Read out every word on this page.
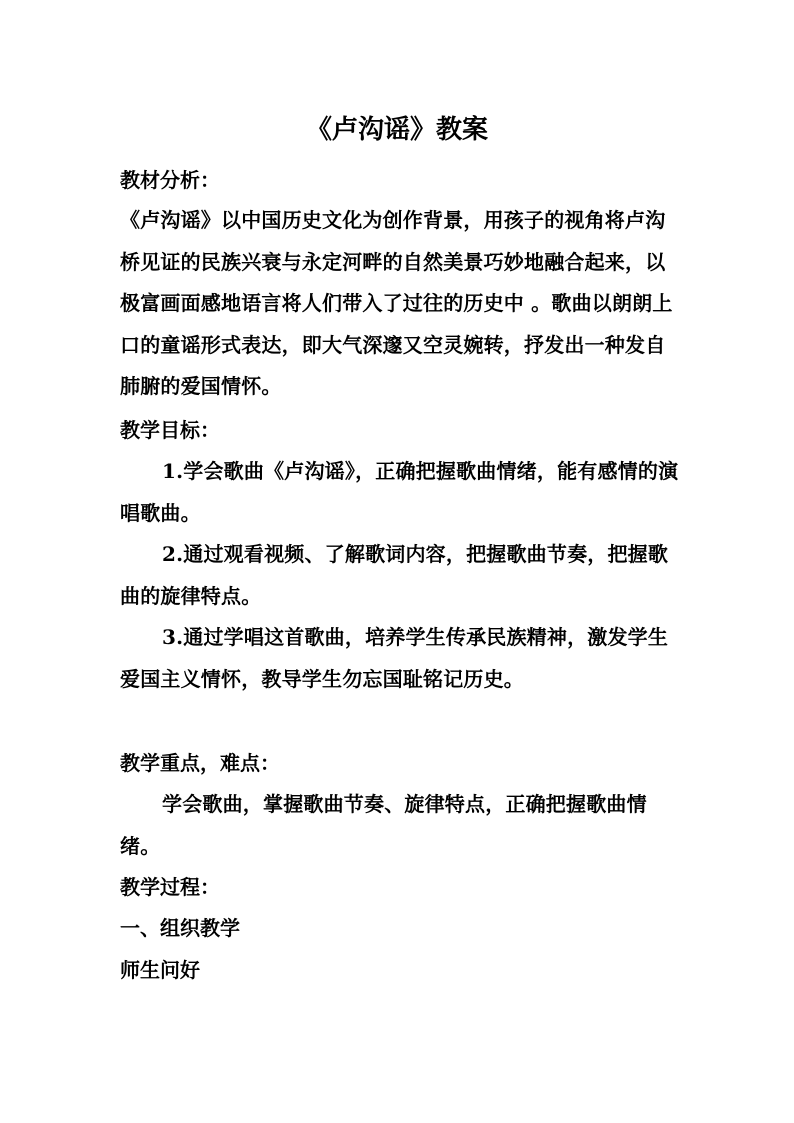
《卢沟谣》教案
教材分析：

《卢沟谣》以中国历史文化为创作背景，用孩子的视角将卢沟桥见证的民族兴衰与永定河畔的自然美景巧妙地融合起来，以极富画面感地语言将人们带入了过往的历史中 。歌曲以朗朗上口的童谣形式表达，即大气深邃又空灵婉转，抒发出一种发自肺腑的爱国情怀。

教学目标：

1.学会歌曲《卢沟谣》，正确把握歌曲情绪，能有感情的演唱歌曲。

2.通过观看视频、了解歌词内容，把握歌曲节奏，把握歌曲的旋律特点。

3.通过学唱这首歌曲，培养学生传承民族精神，激发学生爱国主义情怀，教导学生勿忘国耻铭记历史。

教学重点，难点：

学会歌曲，掌握歌曲节奏、旋律特点，正确把握歌曲情绪。

教学过程：
一、组织教学
师生问好
